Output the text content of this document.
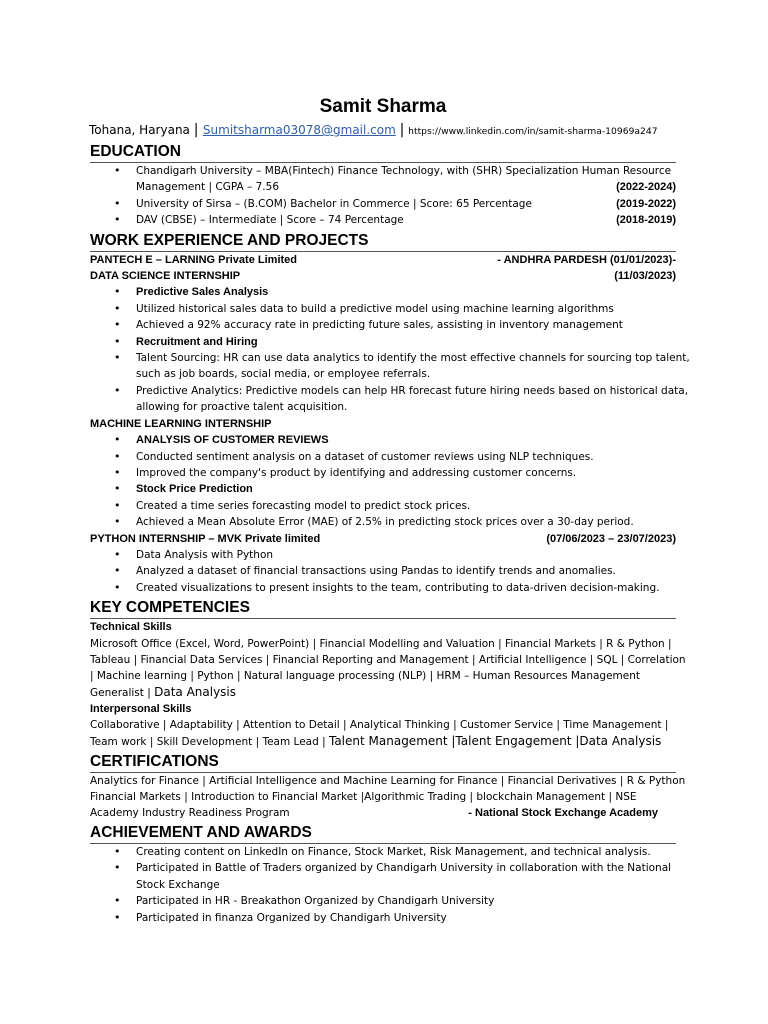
Samit Sharma
Tohana, Haryana | Sumitsharma03078@gmail.com | https://www.linkedin.com/in/samit-sharma-10969a247
EDUCATION
• Chandigarh University – MBA(Fintech) Finance Technology, with (SHR) Specialization Human Resource
Management | CGPA – 7.56	(2022-2024)
• University of Sirsa – (B.COM) Bachelor in Commerce | Score: 65 Percentage	(2019-2022)
• DAV (CBSE) – Intermediate | Score – 74 Percentage	(2018-2019)
WORK EXPERIENCE AND PROJECTS
PANTECH E – LARNING Private Limited	- ANDHRA PARDESH (01/01/2023)-
DATA SCIENCE INTERNSHIP	(11/03/2023)
• Predictive Sales Analysis
• Utilized historical sales data to build a predictive model using machine learning algorithms
• Achieved a 92% accuracy rate in predicting future sales, assisting in inventory management
• Recruitment and Hiring
• Talent Sourcing: HR can use data analytics to identify the most effective channels for sourcing top talent,
such as job boards, social media, or employee referrals.
• Predictive Analytics: Predictive models can help HR forecast future hiring needs based on historical data,
allowing for proactive talent acquisition.
MACHINE LEARNING INTERNSHIP
• ANALYSIS OF CUSTOMER REVIEWS
• Conducted sentiment analysis on a dataset of customer reviews using NLP techniques.
• Improved the company's product by identifying and addressing customer concerns.
• Stock Price Prediction
• Created a time series forecasting model to predict stock prices.
• Achieved a Mean Absolute Error (MAE) of 2.5% in predicting stock prices over a 30-day period.
PYTHON INTERNSHIP – MVK Private limited	(07/06/2023 – 23/07/2023)
• Data Analysis with Python
• Analyzed a dataset of financial transactions using Pandas to identify trends and anomalies.
• Created visualizations to present insights to the team, contributing to data-driven decision-making.
KEY COMPETENCIES
Technical Skills
Microsoft Office (Excel, Word, PowerPoint) | Financial Modelling and Valuation | Financial Markets | R & Python |
Tableau | Financial Data Services | Financial Reporting and Management | Artificial Intelligence | SQL | Correlation
| Machine learning | Python | Natural language processing (NLP) | HRM – Human Resources Management
Generalist | Data Analysis
Interpersonal Skills
Collaborative | Adaptability | Attention to Detail | Analytical Thinking | Customer Service | Time Management |
Team work | Skill Development | Team Lead | Talent Management |Talent Engagement |Data Analysis
CERTIFICATIONS
Analytics for Finance | Artificial Intelligence and Machine Learning for Finance | Financial Derivatives | R & Python
Financial Markets | Introduction to Financial Market |Algorithmic Trading | blockchain Management | NSE
Academy Industry Readiness Program	- National Stock Exchange Academy
ACHIEVEMENT AND AWARDS
• Creating content on LinkedIn on Finance, Stock Market, Risk Management, and technical analysis.
• Participated in Battle of Traders organized by Chandigarh University in collaboration with the National
Stock Exchange
• Participated in HR - Breakathon Organized by Chandigarh University
• Participated in finanza Organized by Chandigarh University
